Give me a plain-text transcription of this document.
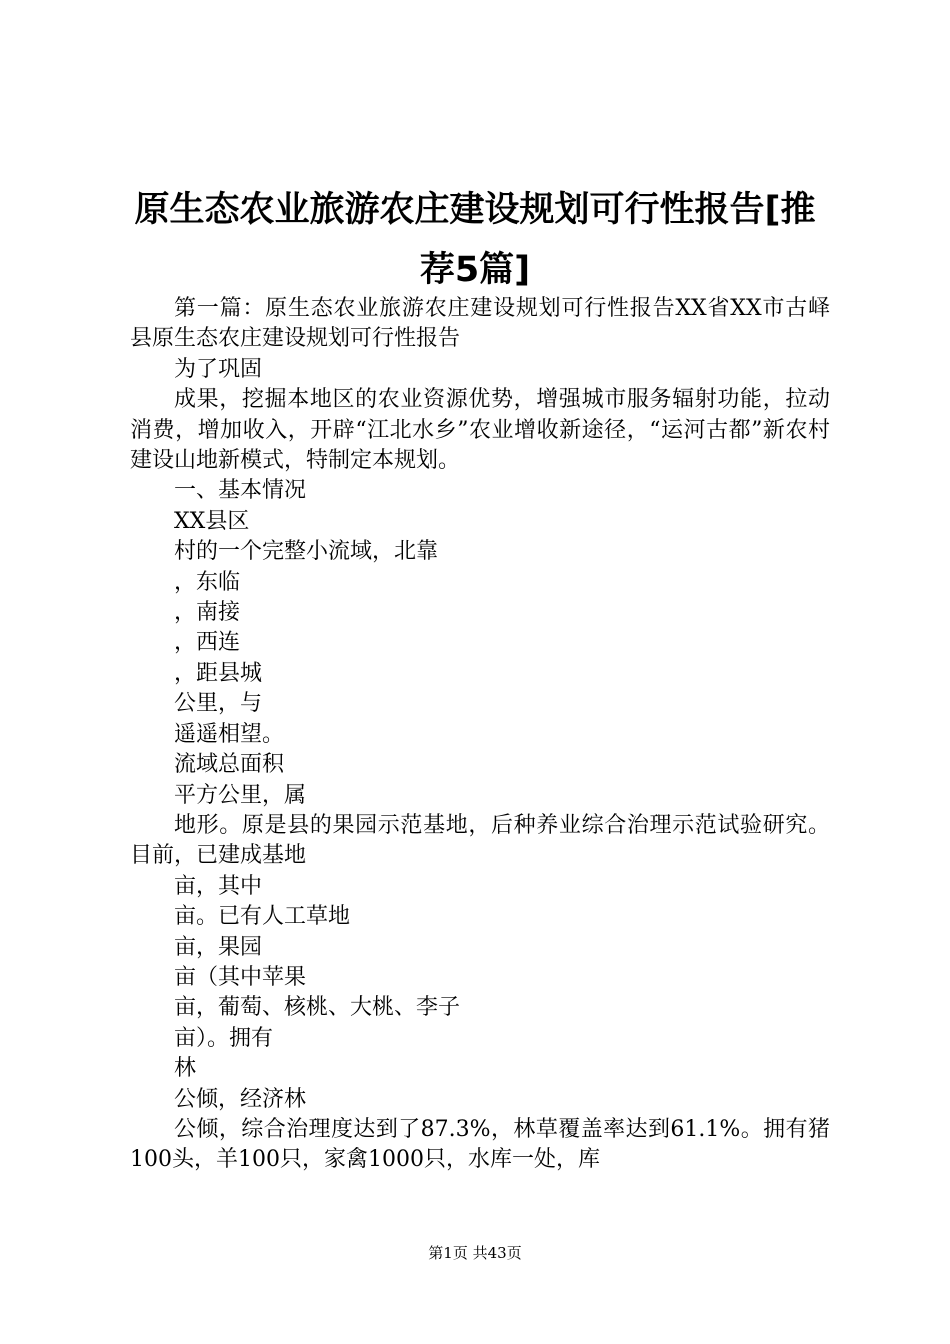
原生态农业旅游农庄建设规划可行性报告[推
荐5篇]

第一篇：原生态农业旅游农庄建设规划可行性报告XX省XX市古峄县原生态农庄建设规划可行性报告

为了巩固

成果，挖掘本地区的农业资源优势，增强城市服务辐射功能，拉动消费，增加收入，开辟“江北水乡”农业增收新途径，“运河古都”新农村建设山地新模式，特制定本规划。

一、基本情况

XX县区

村的一个完整小流域，北靠

，东临

，南接

，西连

，距县城

公里，与

遥遥相望。

流域总面积

平方公里，属

地形。原是县的果园示范基地，后种养业综合治理示范试验研究。目前，已建成基地

亩，其中

亩。已有人工草地

亩，果园

亩（其中苹果

亩，葡萄、核桃、大桃、李子

亩）。拥有

林

公倾，经济林

公倾，综合治理度达到了87.3%，林草覆盖率达到61.1%。拥有猪100头，羊100只，家禽1000只，水库一处，库

第1页 共43页
